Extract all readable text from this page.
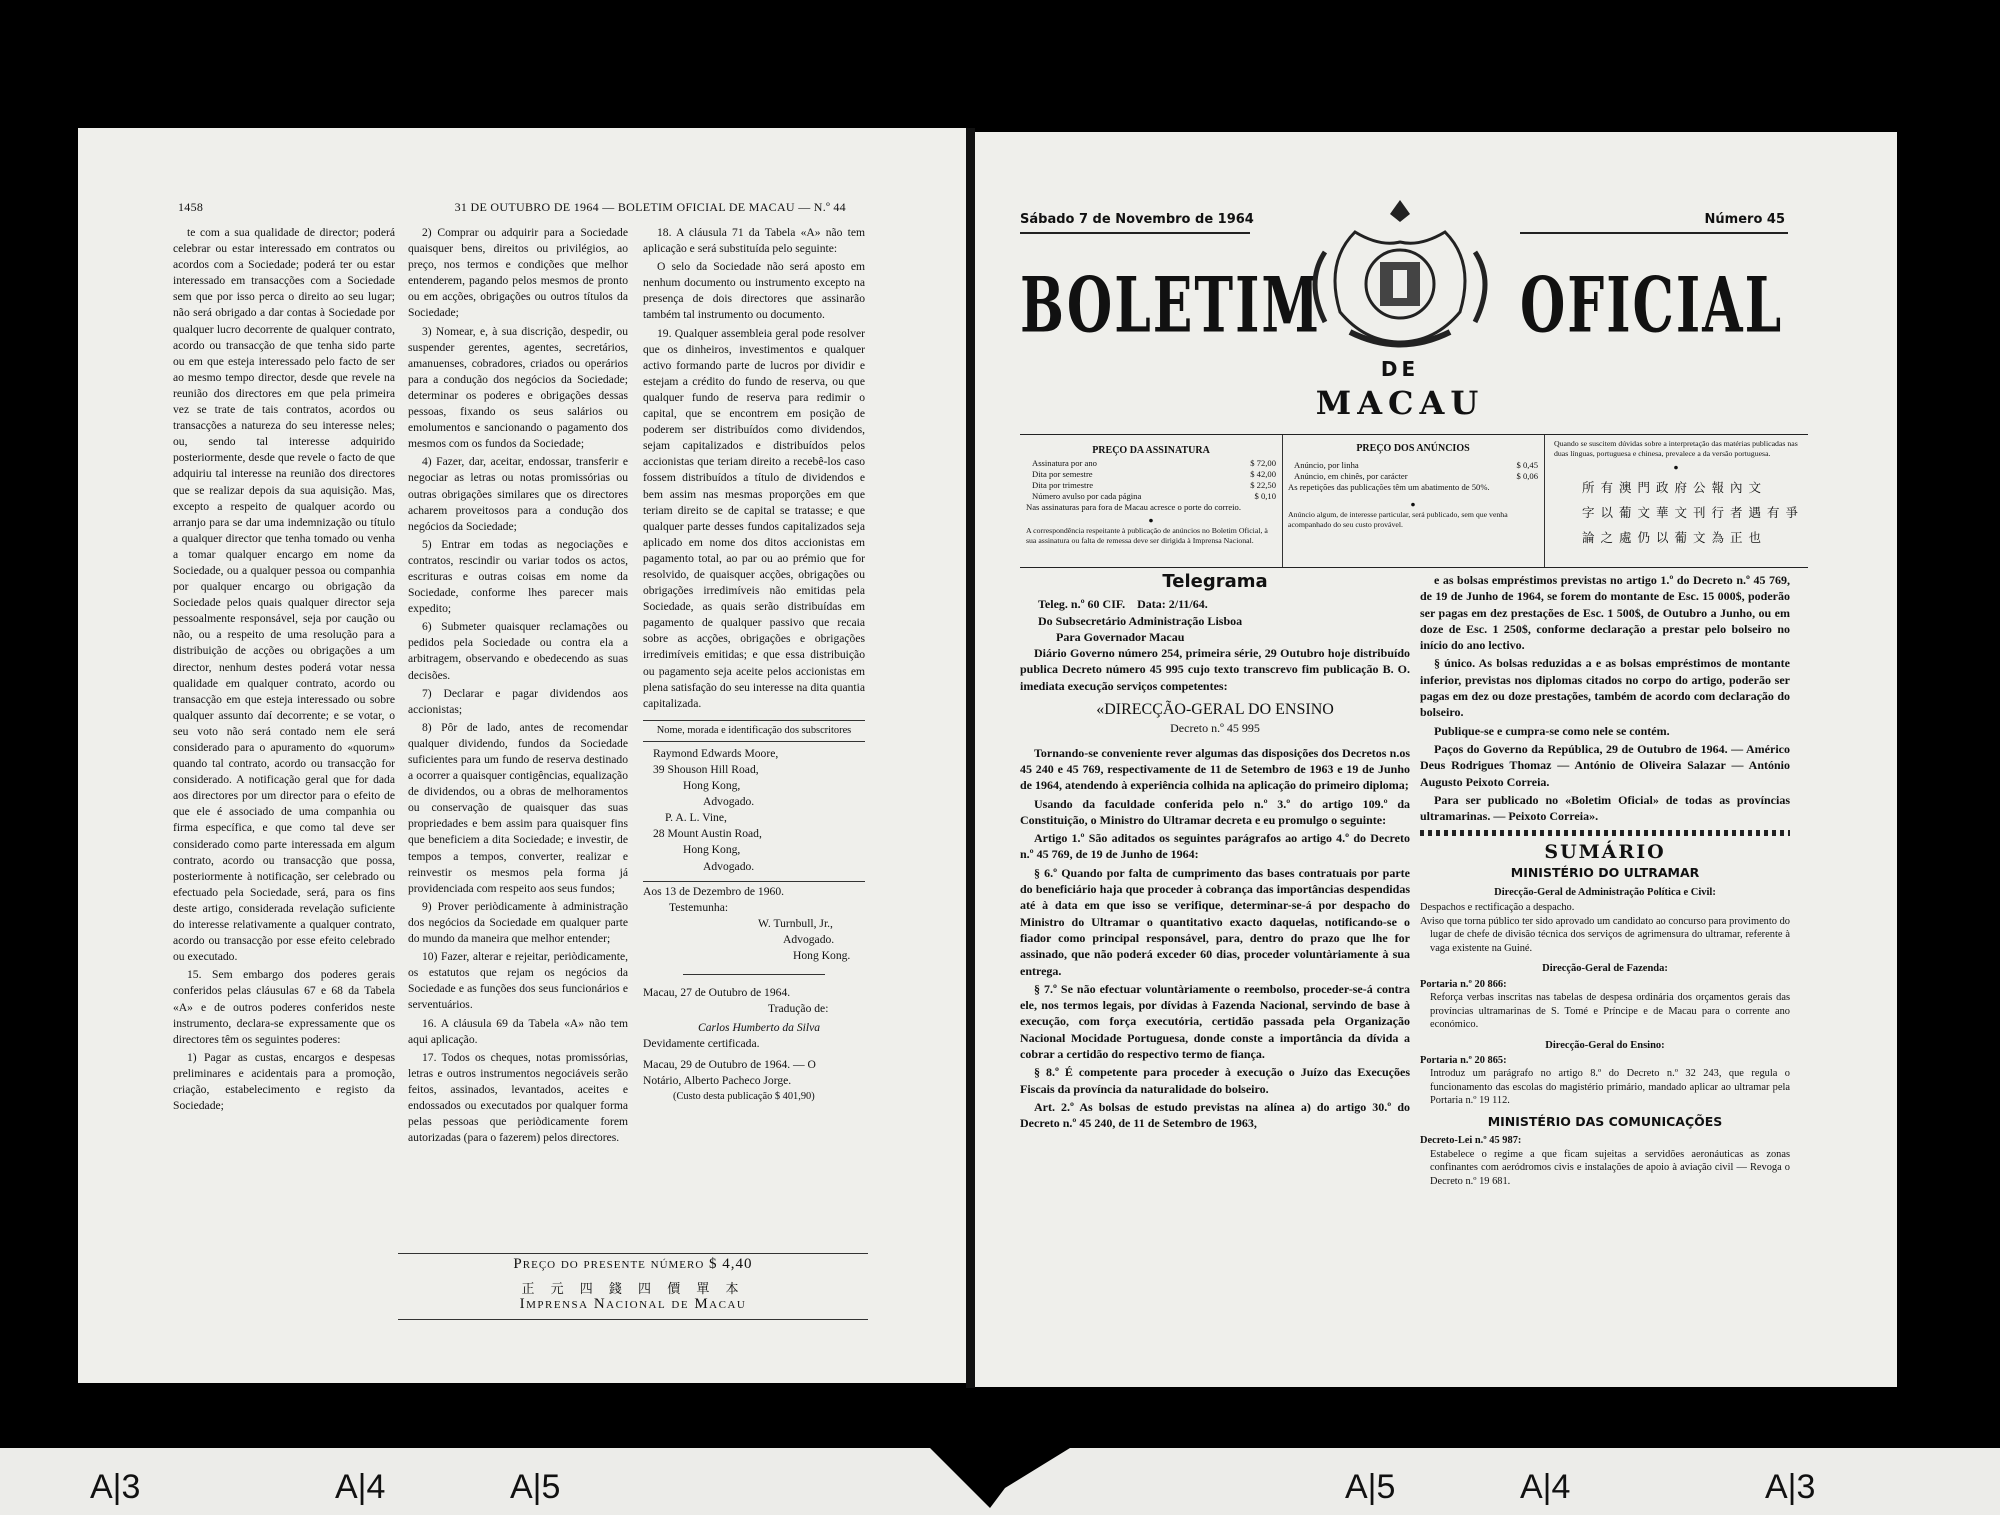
1458	31 DE OUTUBRO DE 1964 — BOLETIM OFICIAL DE MACAU — N.º 44

te com a sua qualidade de director; poderá celebrar ou estar interessado em contratos ou acordos com a Sociedade; poderá ter ou estar interessado em transacções com a Sociedade sem que por isso perca o direito ao seu lugar; não será obrigado a dar contas à Sociedade por qualquer lucro decorrente de qualquer contrato, acordo ou transacção de que tenha sido parte ou em que esteja interessado pelo facto de ser ao mesmo tempo director, desde que revele na reunião dos directores em que pela primeira vez se trate de tais contratos, acordos ou transacções a natureza do seu interesse neles; ou, sendo tal interesse adquirido posteriormente, desde que revele o facto de que adquiriu tal interesse na reunião dos directores que se realizar depois da sua aquisição. Mas, excepto a respeito de qualquer acordo ou arranjo para se dar uma indemnização ou título a qualquer director que tenha tomado ou venha a tomar qualquer encargo em nome da Sociedade, ou a qualquer pessoa ou companhia por qualquer encargo ou obrigação da Sociedade pelos quais qualquer director seja pessoalmente responsável, seja por caução ou não, ou a respeito de uma resolução para a distribuição de acções ou obrigações a um director, nenhum destes poderá votar nessa qualidade em qualquer contrato, acordo ou transacção em que esteja interessado ou sobre qualquer assunto daí decorrente; e se votar, o seu voto não será contado nem ele será considerado para o apuramento do «quorum» quando tal contrato, acordo ou transacção for considerado. A notificação geral que for dada aos directores por um director para o efeito de que ele é associado de uma companhia ou firma específica, e que como tal deve ser considerado como parte interessada em algum contrato, acordo ou transacção que possa, posteriormente à notificação, ser celebrado ou efectuado pela Sociedade, será, para os fins deste artigo, considerada revelação suficiente do interesse relativamente a qualquer contrato, acordo ou transacção por esse efeito celebrado ou executado.

15. Sem embargo dos poderes gerais conferidos pelas cláusulas 67 e 68 da Tabela «A» e de outros poderes conferidos neste instrumento, declara-se expressamente que os directores têm os seguintes poderes:

1) Pagar as custas, encargos e despesas preliminares e acidentais para a promoção, criação, estabelecimento e registo da Sociedade;

2) Comprar ou adquirir para a Sociedade quaisquer bens, direitos ou privilégios, ao preço, nos termos e condições que melhor entenderem, pagando pelos mesmos de pronto ou em acções, obrigações ou outros títulos da Sociedade;

3) Nomear, e, à sua discrição, despedir, ou suspender gerentes, agentes, secretários, amanuenses, cobradores, criados ou operários para a condução dos negócios da Sociedade; determinar os poderes e obrigações dessas pessoas, fixando os seus salários ou emolumentos e sancionando o pagamento dos mesmos com os fundos da Sociedade;

4) Fazer, dar, aceitar, endossar, transferir e negociar as letras ou notas promissórias ou outras obrigações similares que os directores acharem proveitosos para a condução dos negócios da Sociedade;

5) Entrar em todas as negociações e contratos, rescindir ou variar todos os actos, escrituras e outras coisas em nome da Sociedade, conforme lhes parecer mais expedito;

6) Submeter quaisquer reclamações ou pedidos pela Sociedade ou contra ela a arbitragem, observando e obedecendo as suas decisões.

7) Declarar e pagar dividendos aos accionistas;

8) Pôr de lado, antes de recomendar qualquer dividendo, fundos da Sociedade suficientes para um fundo de reserva destinado a ocorrer a quaisquer contigências, equalização de dividendos, ou a obras de melhoramentos ou conservação de quaisquer das suas propriedades e bem assim para quaisquer fins que beneficiem a dita Sociedade; e investir, de tempos a tempos, converter, realizar e reinvestir os mesmos pela forma já providenciada com respeito aos seus fundos;

9) Prover periòdicamente à administração dos negócios da Sociedade em qualquer parte do mundo da maneira que melhor entender;

10) Fazer, alterar e rejeitar, periòdicamente, os estatutos que rejam os negócios da Sociedade e as funções dos seus funcionários e serventuários.

16. A cláusula 69 da Tabela «A» não tem aqui aplicação.

17. Todos os cheques, notas promissórias, letras e outros instrumentos negociáveis serão feitos, assinados, levantados, aceites e endossados ou executados por qualquer forma pelas pessoas que periòdicamente forem autorizadas (para o fazerem) pelos directores.

18. A cláusula 71 da Tabela «A» não tem aplicação e será substituída pelo seguinte:

O selo da Sociedade não será aposto em nenhum documento ou instrumento excepto na presença de dois directores que assinarão também tal instrumento ou documento.

19. Qualquer assembleia geral pode resolver que os dinheiros, investimentos e qualquer activo formando parte de lucros por dividir e estejam a crédito do fundo de reserva, ou que qualquer fundo de reserva para redimir o capital, que se encontrem em posição de poderem ser distribuídos como dividendos, sejam capitalizados e distribuídos pelos accionistas que teriam direito a recebê-los caso fossem distribuídos a título de dividendos e bem assim nas mesmas proporções em que teriam direito se de capital se tratasse; e que qualquer parte desses fundos capitalizados seja aplicado em nome dos ditos accionistas em pagamento total, ao par ou ao prémio que for resolvido, de quaisquer acções, obrigações ou obrigações irredimíveis não emitidas pela Sociedade, as quais serão distribuídas em pagamento de qualquer passivo que recaia sobre as acções, obrigações e obrigações irredimíveis emitidas; e que essa distribuição ou pagamento seja aceite pelos accionistas em plena satisfação do seu interesse na dita quantia capitalizada.

Nome, morada e identificação dos subscritores
Raymond Edwards Moore,
39 Shouson Hill Road,
Hong Kong,
Advogado.
P. A. L. Vine,
28 Mount Austin Road,
Hong Kong,
Advogado.
Aos 13 de Dezembro de 1960.
Testemunha:
W. Turnbull, Jr.,
Advogado.
Hong Kong.
Macau, 27 de Outubro de 1964.
Tradução de:
Carlos Humberto da Silva
Devidamente certificada.
Macau, 29 de Outubro de 1964. — O
Notário, Alberto Pacheco Jorge.
(Custo desta publicação $ 401,90)
Preço do presente número $ 4,40
正 元 四 錢 四 價 單 本
Imprensa Nacional de Macau
Sábado 7 de Novembro de 1964	Número 45
BOLETIM	OFICIAL
DE
MACAU
PREÇO DA ASSINATURA
Assinatura por ano	$ 72,00
Dita por semestre	$ 42,00
Dita por trimestre	$ 22,50
Número avulso por cada página	$ 0,10
Nas assinaturas para fora de Macau acresce o porte do correio.
●
A correspondência respeitante à publicação de anúncios no Boletim Oficial, à sua assinatura ou falta de remessa deve ser dirigida à Imprensa Nacional.
PREÇO DOS ANÚNCIOS
Anúncio, por linha	$ 0,45
Anúncio, em chinês, por carácter	$ 0,06
As repetições das publicações têm um abatimento de 50%.
●
Anúncio algum, de interesse particular, será publicado, sem que venha acompanhado do seu custo provável.
Quando se suscitem dúvidas sobre a interpretação das matérias publicadas nas duas línguas, portuguesa e chinesa, prevalece a da versão portuguesa.
●
所有澳門政府公報內文
字以葡文華文刊行者遇有爭
論之處仍以葡文為正也
Telegrama
Teleg. n.º 60 CIF.    Data: 2/11/64.
Do Subsecretário Administração Lisboa
Para Governador Macau

Diário Governo número 254, primeira série, 29 Outubro hoje distribuído publica Decreto número 45 995 cujo texto transcrevo fim publicação B. O. imediata execução serviços competentes:

«DIRECÇÃO-GERAL DO ENSINO
Decreto n.º 45 995

Tornando-se conveniente rever algumas das disposições dos Decretos n.os 45 240 e 45 769, respectivamente de 11 de Setembro de 1963 e 19 de Junho de 1964, atendendo à experiência colhida na aplicação do primeiro diploma;

Usando da faculdade conferida pelo n.º 3.º do artigo 109.º da Constituição, o Ministro do Ultramar decreta e eu promulgo o seguinte:

Artigo 1.º São aditados os seguintes parágrafos ao artigo 4.º do Decreto n.º 45 769, de 19 de Junho de 1964:

§ 6.º Quando por falta de cumprimento das bases contratuais por parte do beneficiário haja que proceder à cobrança das importâncias despendidas até à data em que isso se verifique, determinar-se-á por despacho do Ministro do Ultramar o quantitativo exacto daquelas, notificando-se o fiador como principal responsável, para, dentro do prazo que lhe for assinado, que não poderá exceder 60 dias, proceder voluntàriamente à sua entrega.

§ 7.º Se não efectuar voluntàriamente o reembolso, proceder-se-á contra ele, nos termos legais, por dívidas à Fazenda Nacional, servindo de base à execução, com força executória, certidão passada pela Organização Nacional Mocidade Portuguesa, donde conste a importância da dívida a cobrar a certidão do respectivo termo de fiança.

§ 8.º É competente para proceder à execução o Juízo das Execuções Fiscais da província da naturalidade do bolseiro.

Art. 2.º As bolsas de estudo previstas na alínea a) do artigo 30.º do Decreto n.º 45 240, de 11 de Setembro de 1963,

e as bolsas empréstimos previstas no artigo 1.º do Decreto n.º 45 769, de 19 de Junho de 1964, se forem do montante de Esc. 15 000$, poderão ser pagas em dez prestações de Esc. 1 500$, de Outubro a Junho, ou em doze de Esc. 1 250$, conforme declaração a prestar pelo bolseiro no início do ano lectivo.

§ único. As bolsas reduzidas a e as bolsas empréstimos de montante inferior, previstas nos diplomas citados no corpo do artigo, poderão ser pagas em dez ou doze prestações, também de acordo com declaração do bolseiro.

Publique-se e cumpra-se como nele se contém.

Paços do Governo da República, 29 de Outubro de 1964. — Américo Deus Rodrigues Thomaz — António de Oliveira Salazar — António Augusto Peixoto Correia.

Para ser publicado no «Boletim Oficial» de todas as províncias ultramarinas. — Peixoto Correia».

SUMÁRIO
MINISTÉRIO DO ULTRAMAR
Direcção-Geral de Administração Política e Civil:
Despachos e rectificação a despacho.
Aviso que torna público ter sido aprovado um candidato ao concurso para provimento do lugar de chefe de divisão técnica dos serviços de agrimensura do ultramar, referente à vaga existente na Guiné.
Direcção-Geral de Fazenda:
Portaria n.º 20 866:
Reforça verbas inscritas nas tabelas de despesa ordinária dos orçamentos gerais das províncias ultramarinas de S. Tomé e Príncipe e de Macau para o corrente ano económico.
Direcção-Geral do Ensino:
Portaria n.º 20 865:
Introduz um parágrafo no artigo 8.º do Decreto n.º 32 243, que regula o funcionamento das escolas do magistério primário, mandado aplicar ao ultramar pela Portaria n.º 19 112.
MINISTÉRIO DAS COMUNICAÇÕES
Decreto-Lei n.º 45 987:
Estabelece o regime a que ficam sujeitas a servidões aeronáuticas as zonas confinantes com aeródromos civis e instalações de apoio à aviação civil — Revoga o Decreto n.º 19 681.
A|3	A|4	A|5	A|5	A|4	A|3
